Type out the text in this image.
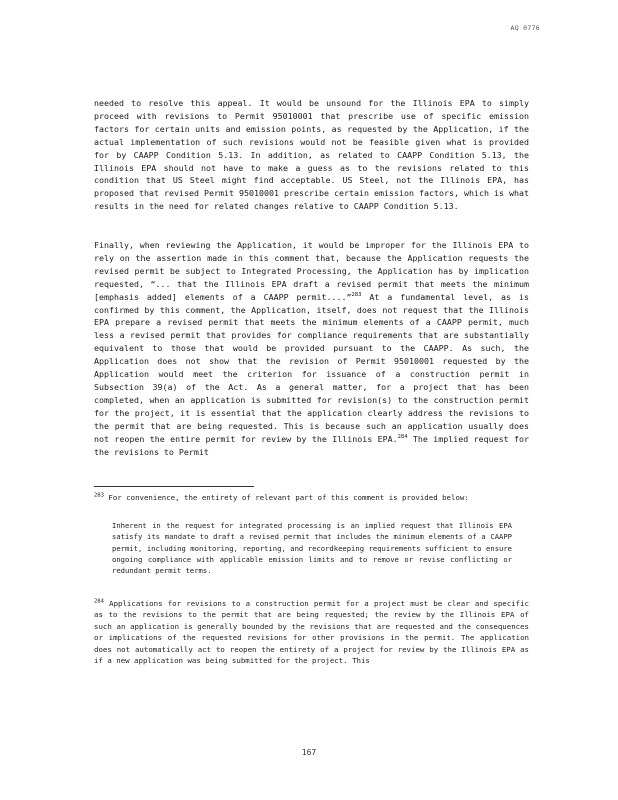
AQ 0776

needed to resolve this appeal. It would be unsound for the Illinois EPA to simply proceed with revisions to Permit 95010001 that prescribe use of specific emission factors for certain units and emission points, as requested by the Application, if the actual implementation of such revisions would not be feasible given what is provided for by CAAPP Condition 5.13. In addition, as related to CAAPP Condition 5.13, the Illinois EPA should not have to make a guess as to the revisions related to this condition that US Steel might find acceptable. US Steel, not the Illinois EPA, has proposed that revised Permit 95010001 prescribe certain emission factors, which is what results in the need for related changes relative to CAAPP Condition 5.13.

Finally, when reviewing the Application, it would be improper for the Illinois EPA to rely on the assertion made in this comment that, because the Application requests the revised permit be subject to Integrated Processing, the Application has by implication requested, “... that the Illinois EPA draft a revised permit that meets the minimum [emphasis added] elements of a CAAPP permit....”$^{283}$ At a fundamental level, as is confirmed by this comment, the Application, itself, does not request that the Illinois EPA prepare a revised permit that meets the minimum elements of a CAAPP permit, much less a revised permit that provides for compliance requirements that are substantially equivalent to those that would be provided pursuant to the CAAPP. As such, the Application does not show that the revision of Permit 95010001 requested by the Application would meet the criterion for issuance of a construction permit in Subsection 39(a) of the Act. As a general matter, for a project that has been completed, when an application is submitted for revision(s) to the construction permit for the project, it is essential that the application clearly address the revisions to the permit that are being requested. This is because such an application usually does not reopen the entire permit for review by the Illinois EPA.$^{284}$ The implied request for the revisions to Permit

$^{283}$ For convenience, the entirety of relevant part of this comment is provided below:

Inherent in the request for integrated processing is an implied request that Illinois EPA satisfy its mandate to draft a revised permit that includes the minimum elements of a CAAPP permit, including monitoring, reporting, and recordkeeping requirements sufficient to ensure ongoing compliance with applicable emission limits and to remove or revise conflicting or redundant permit terms.

$^{284}$ Applications for revisions to a construction permit for a project must be clear and specific as to the revisions to the permit that are being requested; the review by the Illinois EPA of such an application is generally bounded by the revisions that are requested and the consequences or implications of the requested revisions for other provisions in the permit. The application does not automatically act to reopen the entirety of a project for review by the Illinois EPA as if a new application was being submitted for the project. This

167
